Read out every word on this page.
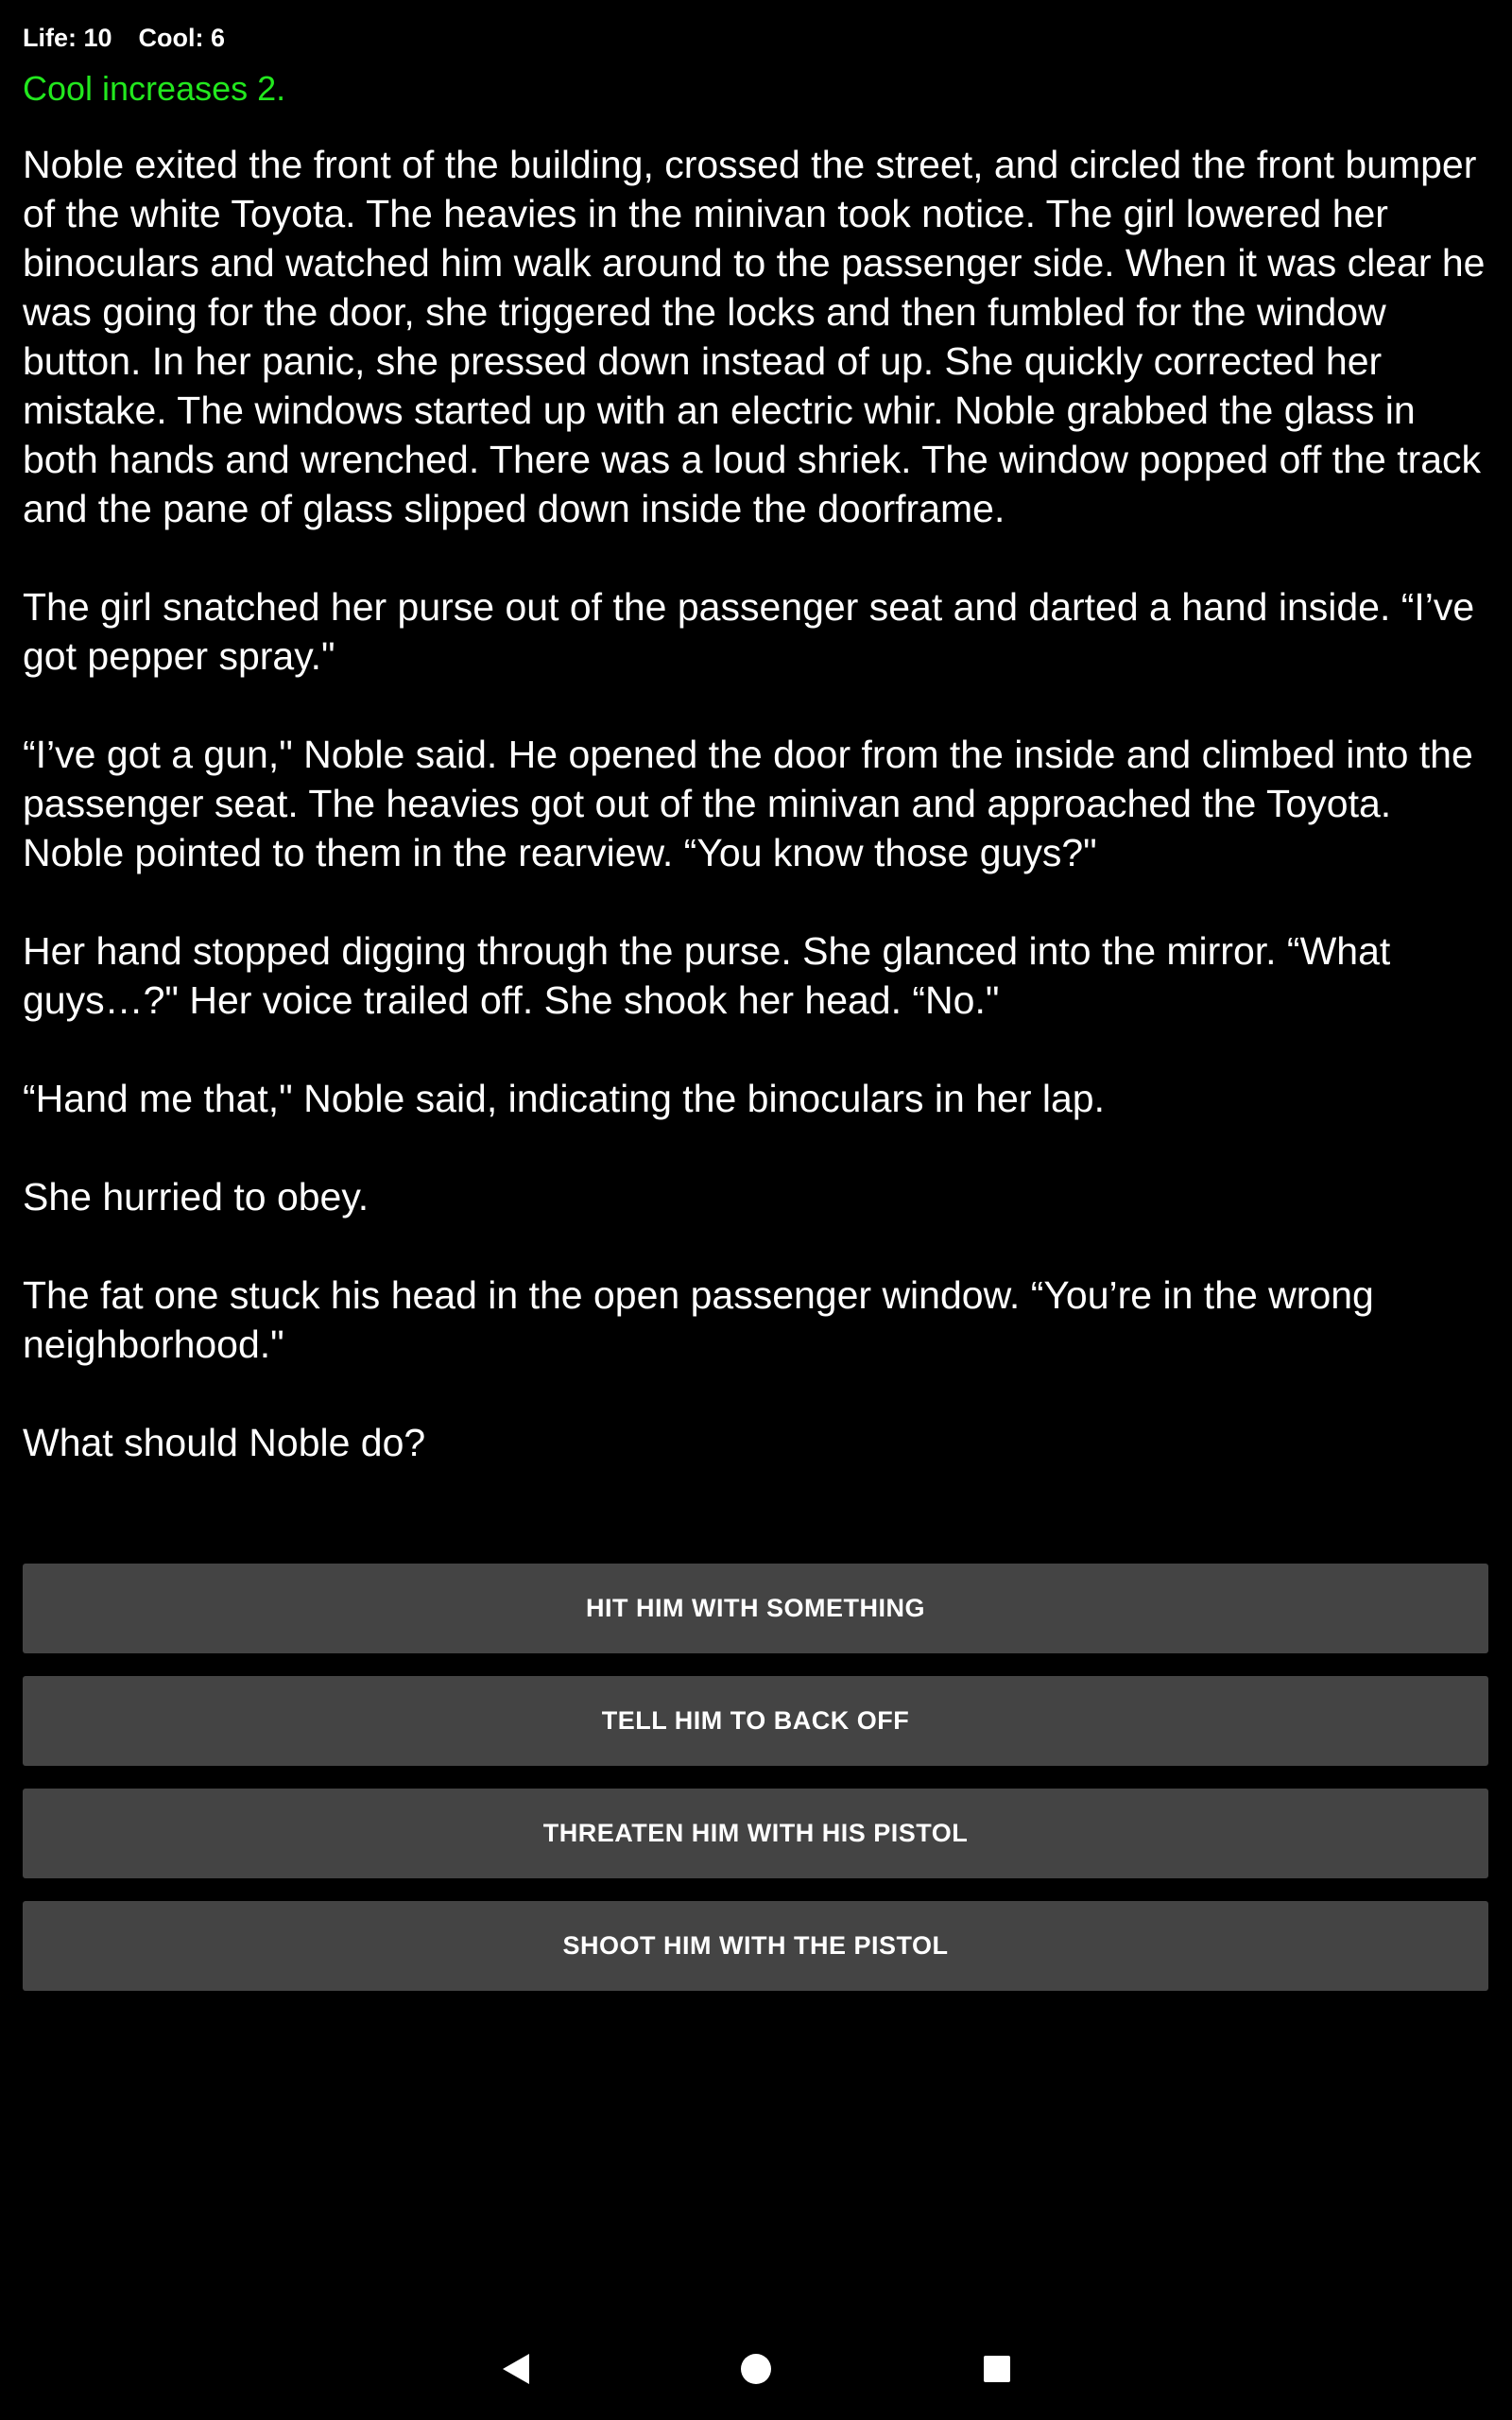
Life: 10 Cool: 6
Cool increases 2.

Noble exited the front of the building, crossed the street, and circled the front bumper of the white Toyota. The heavies in the minivan took notice. The girl lowered her binoculars and watched him walk around to the passenger side. When it was clear he was going for the door, she triggered the locks and then fumbled for the window button. In her panic, she pressed down instead of up. She quickly corrected her mistake. The windows started up with an electric whir. Noble grabbed the glass in both hands and wrenched. There was a loud shriek. The window popped off the track and the pane of glass slipped down inside the doorframe.

The girl snatched her purse out of the passenger seat and darted a hand inside. “I’ve got pepper spray."

“I’ve got a gun," Noble said. He opened the door from the inside and climbed into the passenger seat. The heavies got out of the minivan and approached the Toyota. Noble pointed to them in the rearview. “You know those guys?"

Her hand stopped digging through the purse. She glanced into the mirror. “What guys…?" Her voice trailed off. She shook her head. “No."

“Hand me that," Noble said, indicating the binoculars in her lap.

She hurried to obey.

The fat one stuck his head in the open passenger window. “You’re in the wrong neighborhood."

What should Noble do?

HIT HIM WITH SOMETHING
TELL HIM TO BACK OFF
THREATEN HIM WITH HIS PISTOL
SHOOT HIM WITH THE PISTOL
